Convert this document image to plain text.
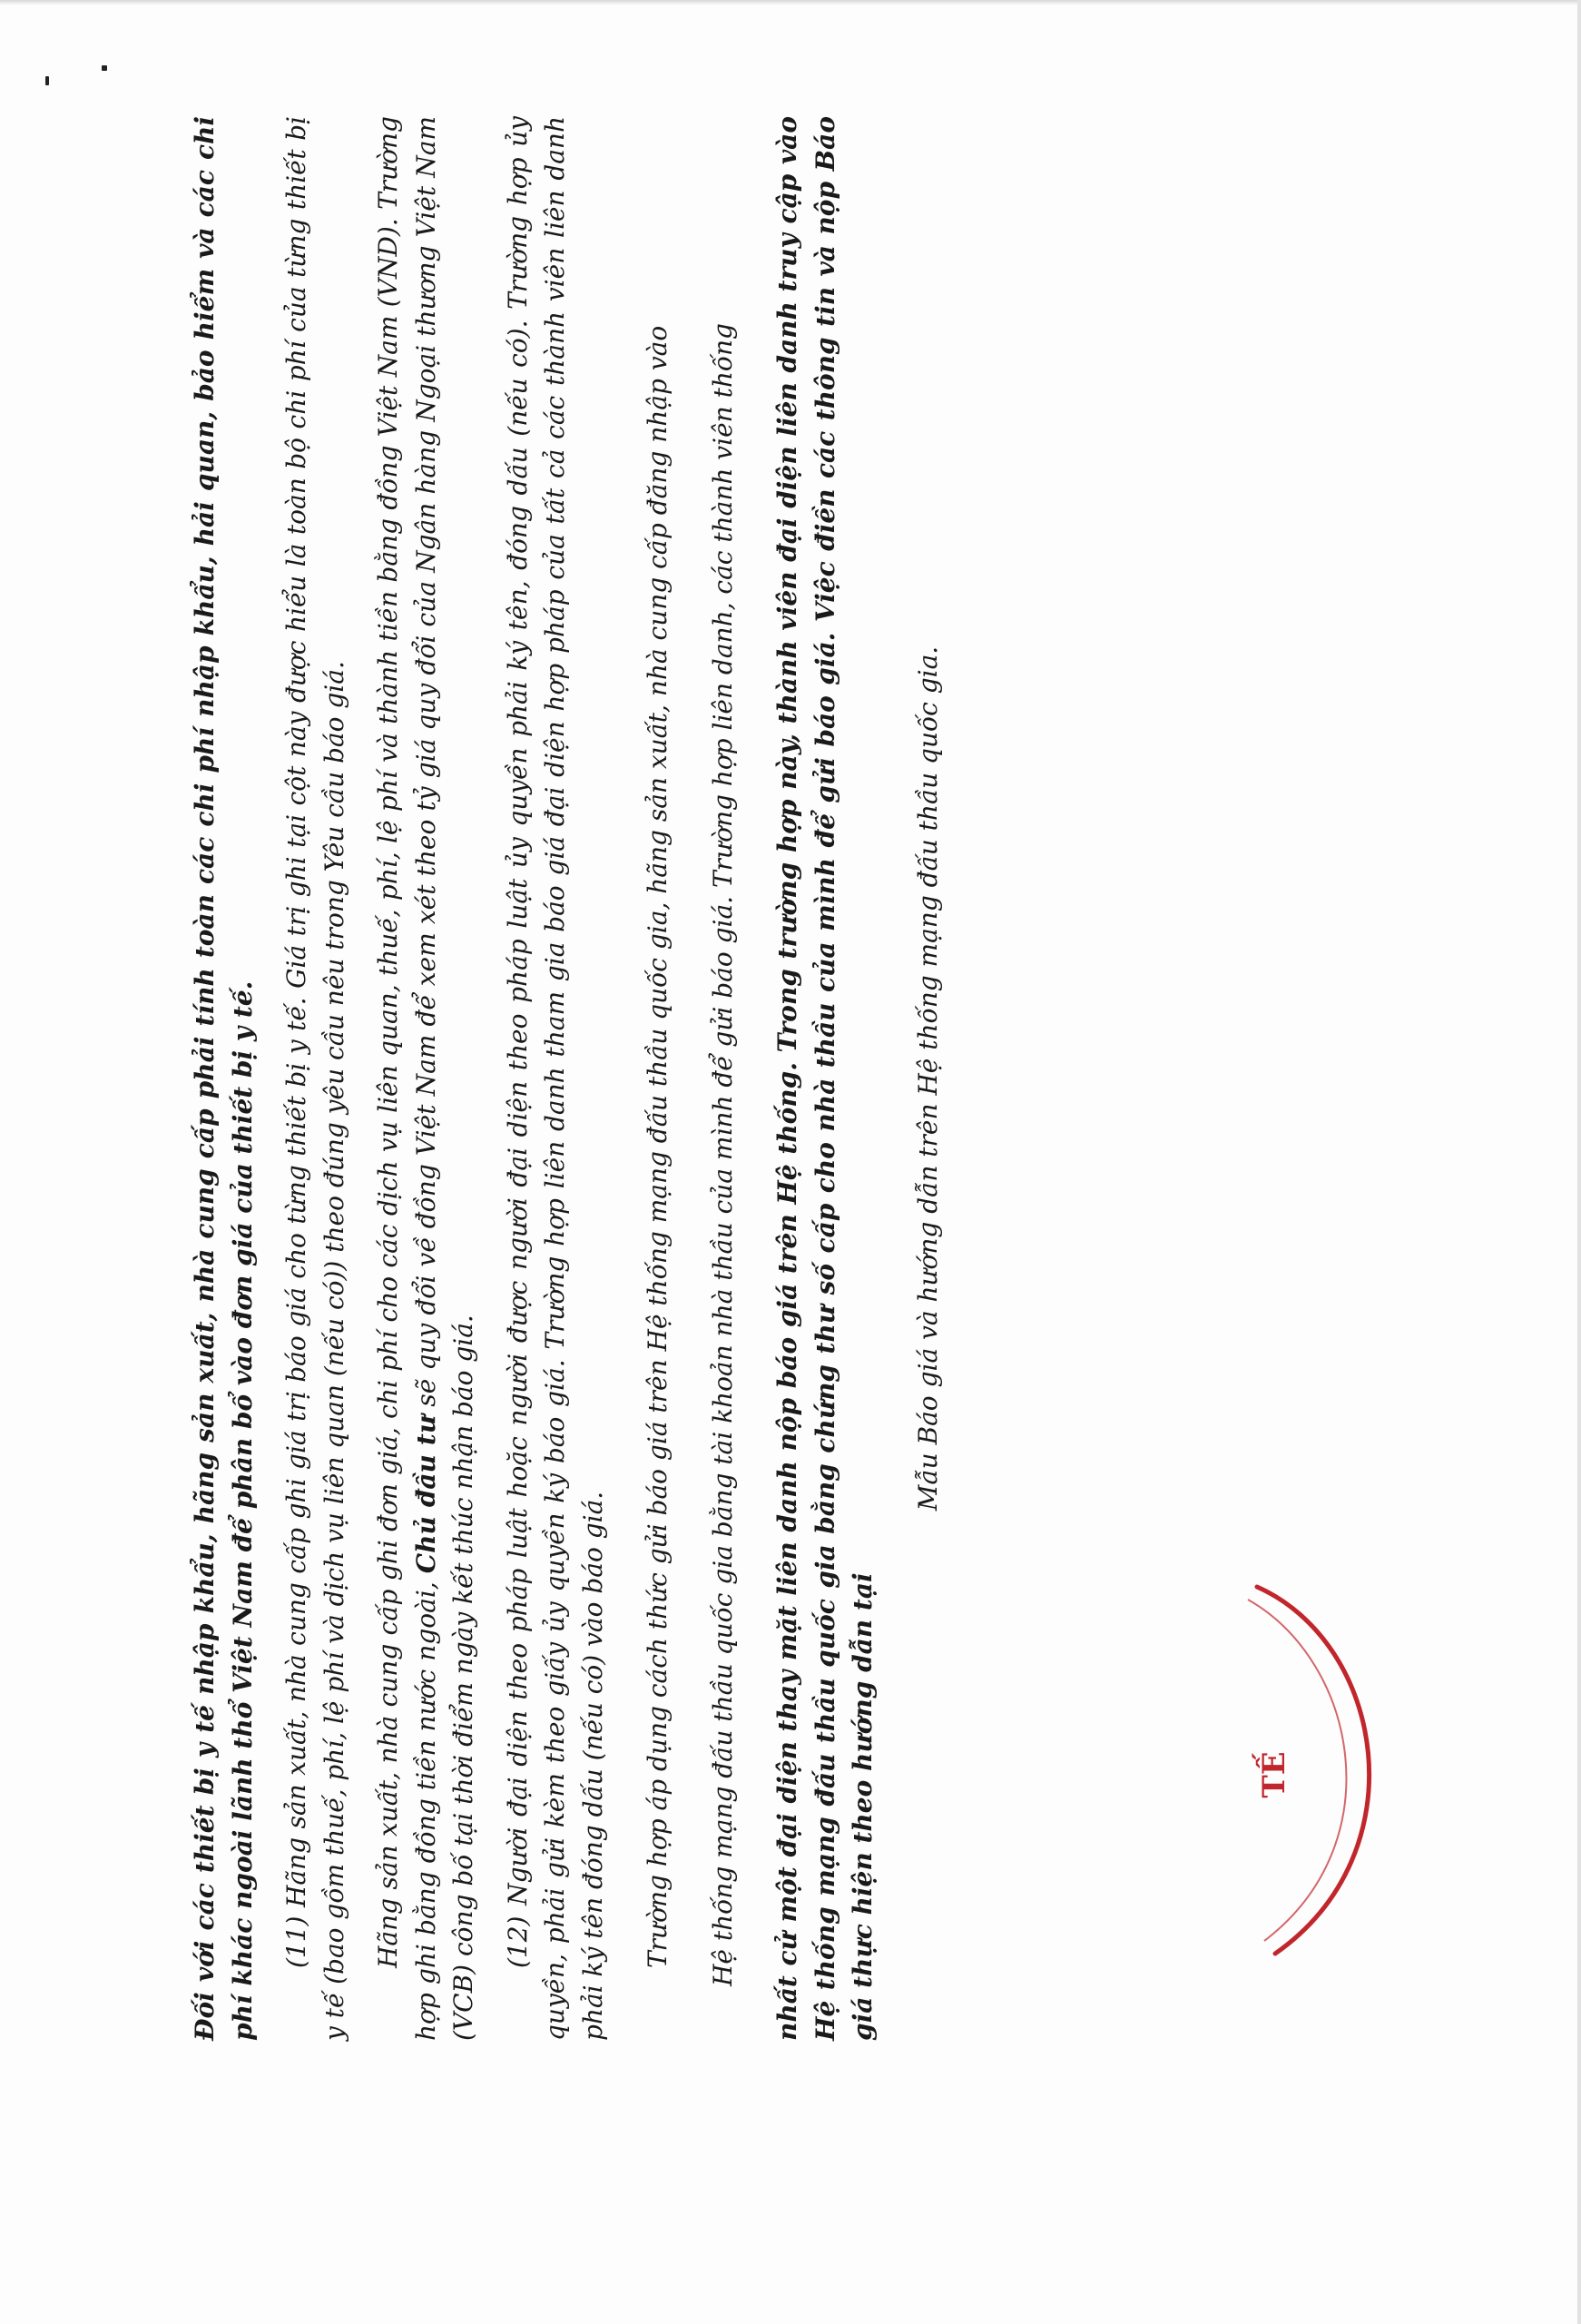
Đối với các thiết bị y tế nhập khẩu, hãng sản xuất, nhà cung cấp phải tính toàn các chi phí nhập khẩu, hải quan, bảo hiểm và các chi phí khác ngoài lãnh thổ Việt Nam để phân bổ vào đơn giá của thiết bị y tế. (11) Hãng sản xuất, nhà cung cấp ghi giá trị báo giá cho từng thiết bị y tế. Giá trị ghi tại cột này được hiểu là toàn bộ chi phí của từng thiết bị y tế (bao gồm thuế, phí, lệ phí và dịch vụ liên quan (nếu có)) theo đúng yêu cầu nêu trong Yêu cầu báo giá. Hãng sản xuất, nhà cung cấp ghi đơn giá, chi phí cho các dịch vụ liên quan, thuế, phí, lệ phí và thành tiền bằng đồng Việt Nam (VND). Trường hợp ghi bằng đồng tiền nước ngoài, Chủ đầu tư sẽ quy đổi về đồng Việt Nam để xem xét theo tỷ giá quy đổi của Ngân hàng Ngoại thương Việt Nam (VCB) công bố tại thời điểm ngày kết thúc nhận báo giá. (12) Người đại diện theo pháp luật hoặc người được người đại diện theo pháp luật ủy quyền phải ký tên, đóng dấu (nếu có). Trường hợp ủy quyền, phải gửi kèm theo giấy ủy quyền ký báo giá. Trường hợp liên danh tham gia báo giá đại diện hợp pháp của tất cả các thành viên liên danh phải ký tên đóng dấu (nếu có) vào báo giá. Trường hợp áp dụng cách thức gửi báo giá trên Hệ thống mạng đấu thầu quốc gia, hãng sản xuất, nhà cung cấp đăng nhập vào Hệ thống mạng đấu thầu quốc gia bằng tài khoản nhà thầu của mình để gửi báo giá. Trường hợp liên danh, các thành viên thống nhất cử một đại diện thay mặt liên danh nộp báo giá trên Hệ thống. Trong trường hợp này, thành viên đại diện liên danh truy cập vào Hệ thống mạng đấu thầu quốc gia bằng chứng thư số cấp cho nhà thầu của mình để gửi báo giá. Việc điền các thông tin và nộp Báo giá thực hiện theo hướng dẫn tại

Mẫu Báo giá và hướng dẫn trên Hệ thống mạng đấu thầu quốc gia.

TẾ
